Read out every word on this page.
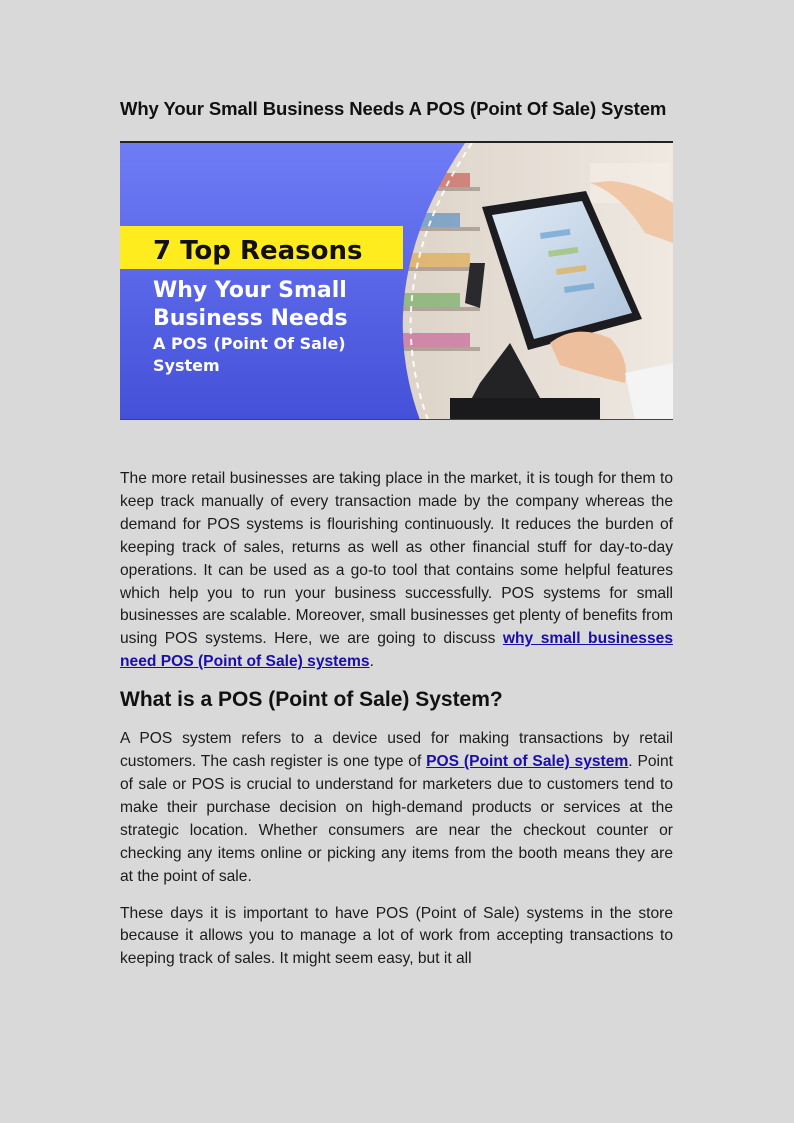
Why Your Small Business Needs A POS (Point Of Sale) System
7 Top Reasons
Why Your Small
Business Needs
A POS (Point Of Sale)
System

The more retail businesses are taking place in the market, it is tough for them to keep track manually of every transaction made by the company whereas the demand for POS systems is flourishing continuously. It reduces the burden of keeping track of sales, returns as well as other financial stuff for day-to-day operations. It can be used as a go-to tool that contains some helpful features which help you to run your business successfully. POS systems for small businesses are scalable. Moreover, small businesses get plenty of benefits from using POS systems. Here, we are going to discuss why small businesses need POS (Point of Sale) systems.

What is a POS (Point of Sale) System?

A POS system refers to a device used for making transactions by retail customers. The cash register is one type of POS (Point of Sale) system. Point of sale or POS is crucial to understand for marketers due to customers tend to make their purchase decision on high-demand products or services at the strategic location. Whether consumers are near the checkout counter or checking any items online or picking any items from the booth means they are at the point of sale.

These days it is important to have POS (Point of Sale) systems in the store because it allows you to manage a lot of work from accepting transactions to keeping track of sales. It might seem easy, but it all
